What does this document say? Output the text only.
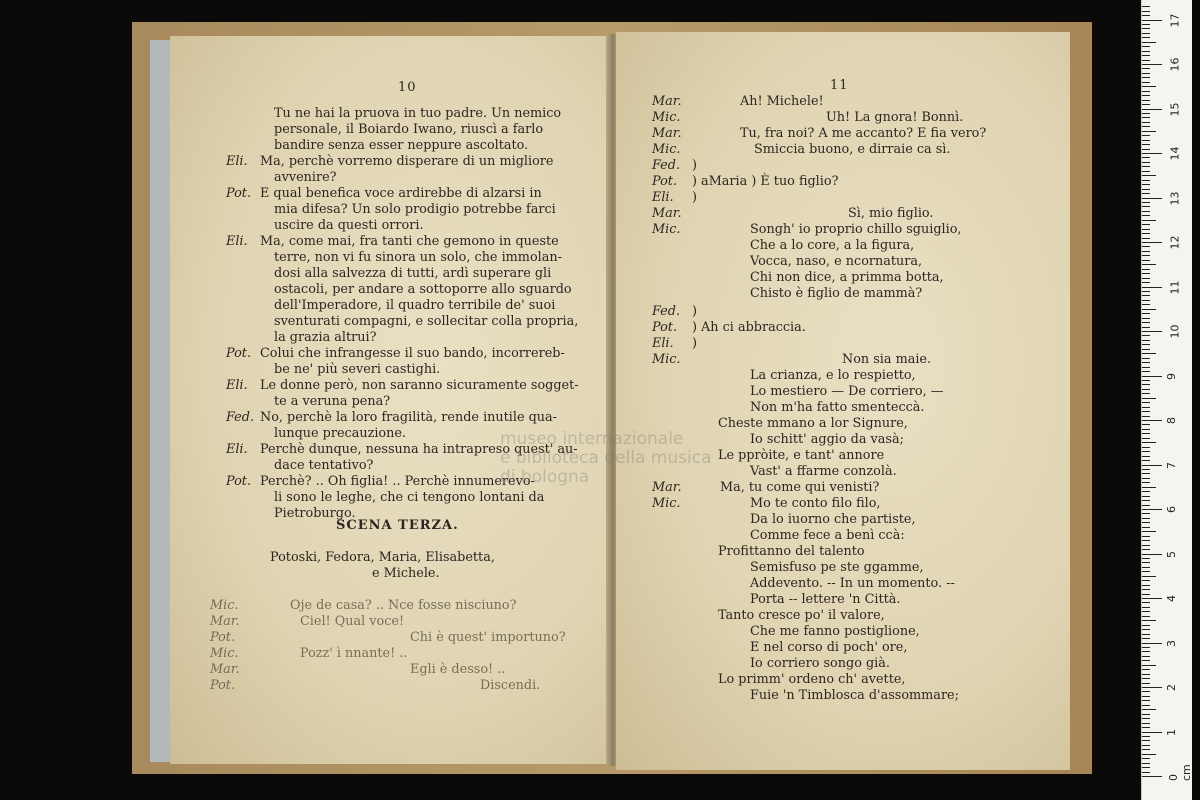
10
Tu ne hai la pruova in tuo padre. Un nemico
personale, il Boiardo Iwano, riuscì a farlo
bandire senza esser neppure ascoltato.
Eli. Ma, perchè vorremo disperare di un migliore
avvenire?
Pot. E qual benefica voce ardirebbe di alzarsi in
mia difesa? Un solo prodigio potrebbe farci
uscire da questi orrori.
Eli. Ma, come mai, fra tanti che gemono in queste
terre, non vi fu sinora un solo, che immolan-
dosi alla salvezza di tutti, ardì superare gli
ostacoli, per andare a sottoporre allo sguardo
dell'Imperadore, il quadro terribile de' suoi
sventurati compagni, e sollecitar colla propria,
la grazia altrui?
Pot. Colui che infrangesse il suo bando, incorrereb-
be ne' più severi castighi.
Eli. Le donne però, non saranno sicuramente sogget-
te a veruna pena?
Fed. No, perchè la loro fragilità, rende inutile qua-
lunque precauzione.
Eli. Perchè dunque, nessuna ha intrapreso quest' au-
dace tentativo?
Pot. Perchè? .. Oh figlia! .. Perchè innumerevo-
li sono le leghe, che ci tengono lontani da
Pietroburgo.
SCENA TERZA.
Potoski, Fedora, Maria, Elisabetta,
e Michele.
Mic.	Oje de casa? .. Nce fosse nisciuno?
Mar.	Ciel! Qual voce!
Pot.	Chi è quest' importuno?
Mic.	Pozz' ì nnante! ..
Mar.	Egli è desso! ..
Pot.	Discendi.
11
Mar.	Ah! Michele!
Mic.	Uh! La gnora! Bonnì.
Mar.	Tu, fra noi? A me accanto? E fia vero?
Mic.	Smiccia buono, e dirraie ca sì.
Fed. )
Pot. ) aMaria ) È tuo figlio?
Eli. )
Mar.	Sì, mio figlio.
Mic.	Songh' io proprio chillo sguiglio,
Che a lo core, a la figura,
Vocca, naso, e ncornatura,
Chi non dice, a primma botta,
Chisto è figlio de mammà?
Fed. )
Pot. ) Ah ci abbraccia.
Eli. )
Mic.	Non sia maie.
La crianza, e lo respietto,
Lo mestiero — De corriero, —
Non m'ha fatto smenteccà.
Cheste mmano a lor Signure,
Io schitt' aggio da vasà;
Le ppròite, e tant' annore
Vast' a ffarme conzolà.
Mar.	Ma, tu come qui venisti?
Mic.	Mo te conto filo filo,
Da lo iuorno che partiste,
Comme fece a benì ccà:
Profittanno del talento
Semisfuso pe ste ggamme,
Addevento. -- In un momento. --
Porta -- lettere 'n Città.
Tanto cresce po' il valore,
Che me fanno postiglione,
E nel corso di poch' ore,
Io corriero songo già.
Lo primm' ordeno ch' avette,
Fuie 'n Timblosca d'assommare;
museo internazionale
e biblioteca della musica
di bologna
0 cm
1
2
3
4
5
6
7
8
9
10
11
12
13
14
15
16
17
